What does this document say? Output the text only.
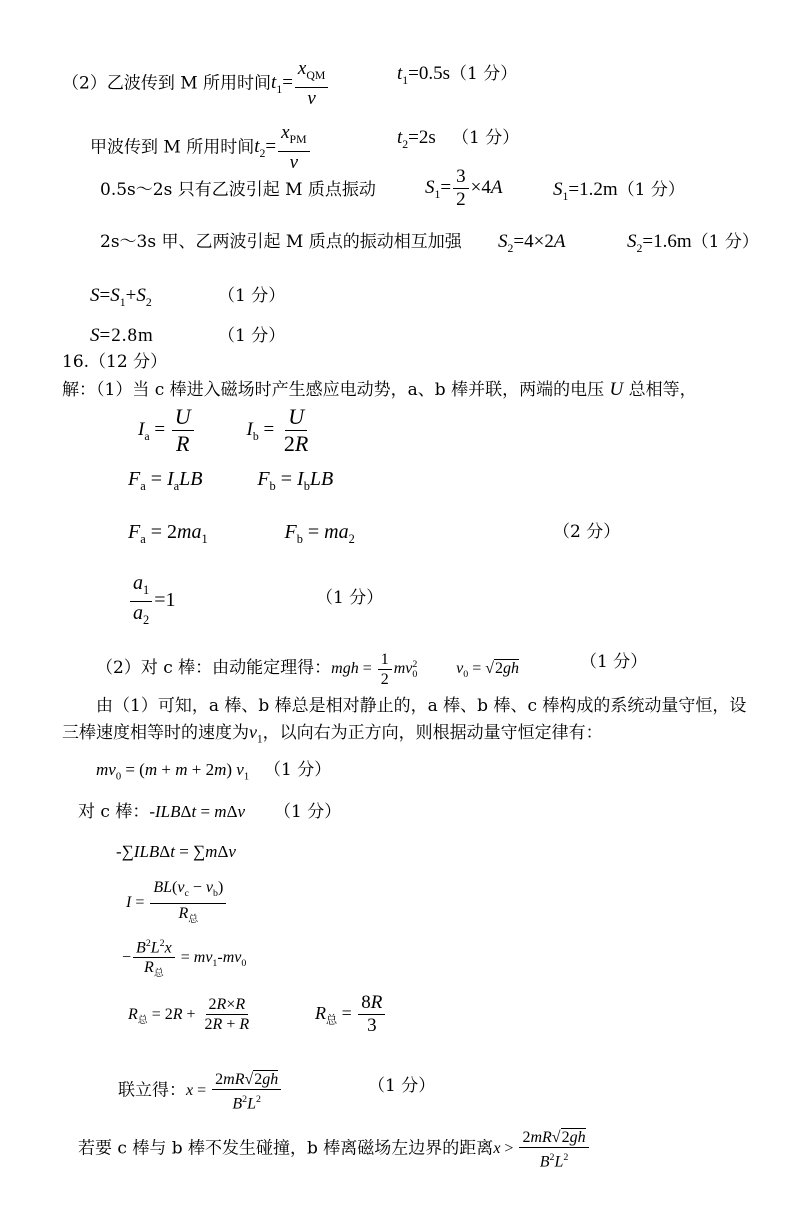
（2）乙波传到 M 所用时间$t_1= \frac{x_{QM}}{v}$	$t_1=0.5s(1$ 分）
甲波传到 M 所用时间$t_2= \frac{x_{PM}}{v}$	$t_2=2s$ （1 分）
0.5s～2s 只有乙波引起 M 质点振动	$S_1= \frac{3}{2} \times 4A$	$S_1=1.2m(1$ 分）
2s～3s 甲、乙两波引起 M 质点的振动相互加强 $S_2=4\times 2A$	$S_2=1.6m(1$ 分）
$S=S_1+S_2$	（1 分）
S=2.8m	（1 分）
16.（12 分）
解：（1）当 c 棒进入磁场时产生感应电动势，a、b 棒并联，两端的电压 U 总相等，
$I_a = \frac{U}{R}$	$I_b = \frac{U}{2R}$
$F_a = I_aLB$	$F_b = I_bLB$
$F_a = 2ma_1$	$F_b = ma_2$	（2 分）
$\frac{a_1}{a_2} =1$	（1 分）
（2）对 c 棒：由动能定理得：mgh = $\frac{1}{2} mv_0^2$ $v_0 = √2gh$	（1 分）
由（1）可知，a 棒、b 棒总是相对静止的，a 棒、b 棒、c 棒构成的系统动量守恒，设
三棒速度相等时的速度为$v_1$，以向右为正方向，则根据动量守恒定律有：
$mv_0 = (m + m + 2m)$ $v_1$ （1 分）
对 c 棒：-ILBΔt = mΔv （1 分）
-∑ILBΔt = ∑mΔv
$I = \frac{BL(v_c - v_b)}{R_总}$
− $\frac{B^2L^2x}{R_总} = mv_1-mv_0$
$R_总 = 2R + \frac{2R\times R}{2R + R}$	$R_总 = \frac{8R}{3}$
联立得：$x = \frac{2mR√2gh}{B^2L^2}$	（1 分）
若要 c 棒与 b 棒不发生碰撞，b 棒离磁场左边界的距离$x > \frac{2mR√2gh}{B^2L^2}$
